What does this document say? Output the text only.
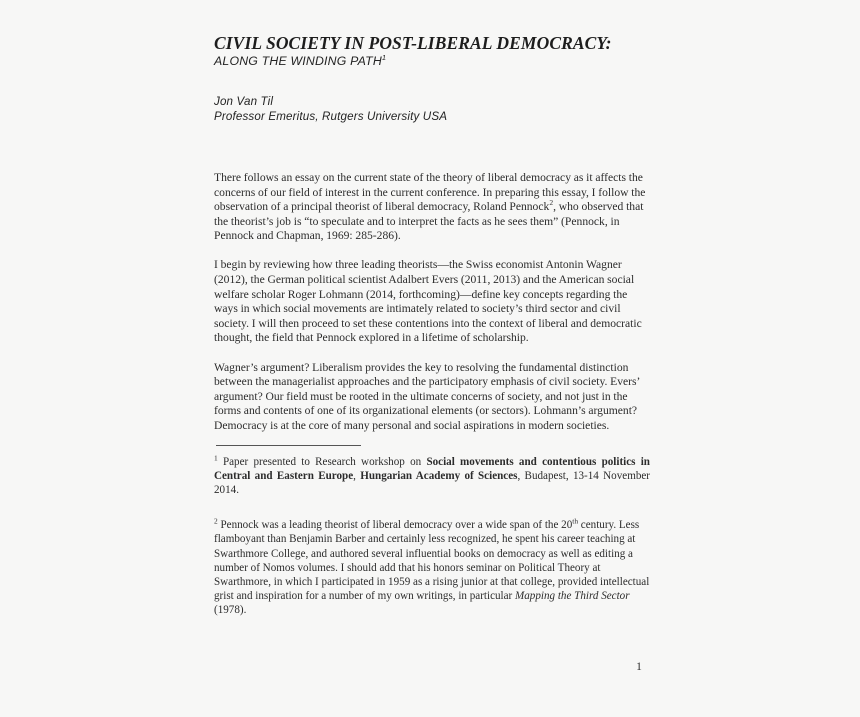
CIVIL SOCIETY IN POST-LIBERAL DEMOCRACY:
ALONG THE WINDING PATH$^1$
Jon Van Til
Professor Emeritus, Rutgers University USA

There follows an essay on the current state of the theory of liberal democracy as it affects the concerns of our field of interest in the current conference. In preparing this essay, I follow the observation of a principal theorist of liberal democracy, Roland Pennock$^2$, who observed that the theorist’s job is “to speculate and to interpret the facts as he sees them” (Pennock, in Pennock and Chapman, 1969: 285-286).

I begin by reviewing how three leading theorists—the Swiss economist Antonin Wagner (2012), the German political scientist Adalbert Evers (2011, 2013) and the American social welfare scholar Roger Lohmann (2014, forthcoming)—define key concepts regarding the ways in which social movements are intimately related to society’s third sector and civil society. I will then proceed to set these contentions into the context of liberal and democratic thought, the field that Pennock explored in a lifetime of scholarship.

Wagner’s argument? Liberalism provides the key to resolving the fundamental distinction between the managerialist approaches and the participatory emphasis of civil society. Evers’ argument? Our field must be rooted in the ultimate concerns of society, and not just in the forms and contents of one of its organizational elements (or sectors). Lohmann’s argument? Democracy is at the core of many personal and social aspirations in modern societies.

$^1$ Paper presented to Research workshop on Social movements and contentious politics in Central and Eastern Europe, Hungarian Academy of Sciences, Budapest, 13-14 November 2014.

$^2$ Pennock was a leading theorist of liberal democracy over a wide span of the 20th century. Less flamboyant than Benjamin Barber and certainly less recognized, he spent his career teaching at Swarthmore College, and authored several influential books on democracy as well as editing a number of Nomos volumes. I should add that his honors seminar on Political Theory at Swarthmore, in which I participated in 1959 as a rising junior at that college, provided intellectual grist and inspiration for a number of my own writings, in particular Mapping the Third Sector (1978).

1
